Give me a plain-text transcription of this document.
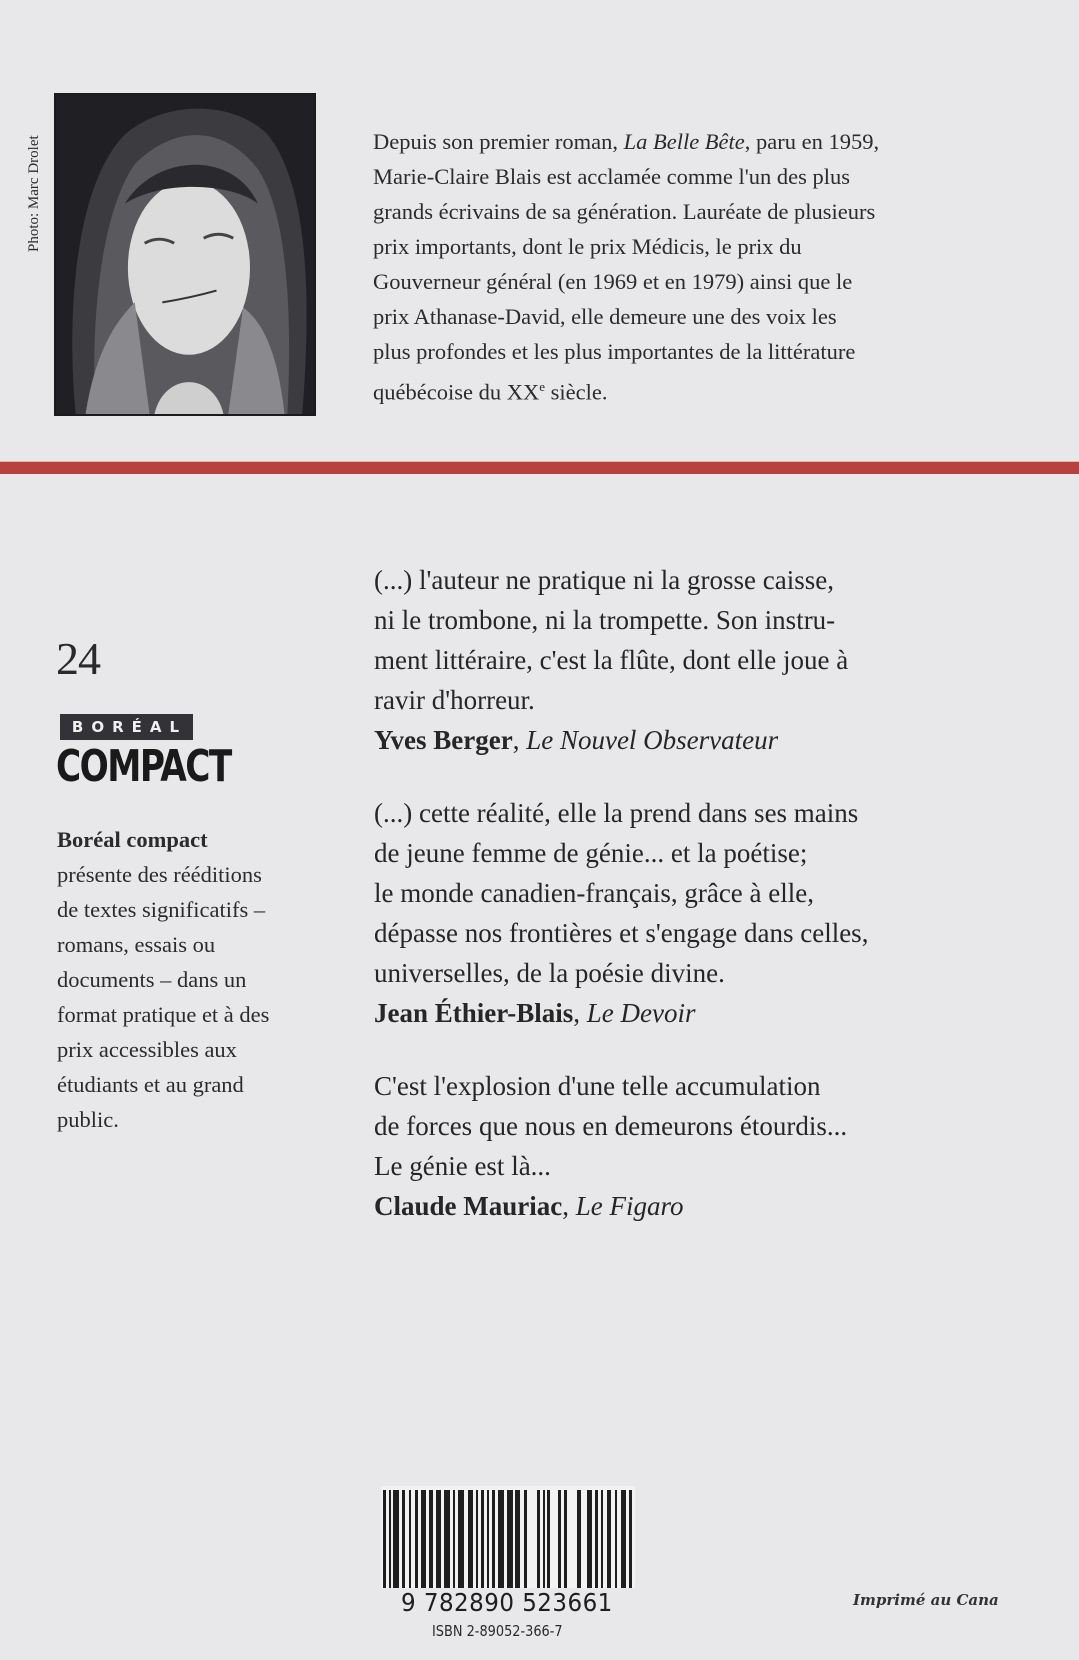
Photo: Marc Drolet	Depuis son premier roman, La Belle Bête, paru en 1959,

Marie-Claire Blais est acclamée comme l'un des plus

grands écrivains de sa génération. Lauréate de plusieurs

prix importants, dont le prix Médicis, le prix du

Gouverneur général (en 1969 et en 1979) ainsi que le

prix Athanase-David, elle demeure une des voix les

plus profondes et les plus importantes de la littérature

québécoise du XXe siècle.

24
BORÉAL
COMPACT

Boréal compact

présente des rééditions

de textes significatifs –

romans, essais ou

documents – dans un

format pratique et à des

prix accessibles aux

étudiants et au grand

public.

(...) l'auteur ne pratique ni la grosse caisse,

ni le trombone, ni la trompette. Son instru-

ment littéraire, c'est la flûte, dont elle joue à

ravir d'horreur.

Yves Berger, Le Nouvel Observateur

(...) cette réalité, elle la prend dans ses mains

de jeune femme de génie... et la poétise;

le monde canadien-français, grâce à elle,

dépasse nos frontières et s'engage dans celles,

universelles, de la poésie divine.

Jean Éthier-Blais, Le Devoir

C'est l'explosion d'une telle accumulation

de forces que nous en demeurons étourdis...

Le génie est là...

Claude Mauriac, Le Figaro

9 782890 523661
ISBN 2-89052-366-7
Imprimé au Cana
